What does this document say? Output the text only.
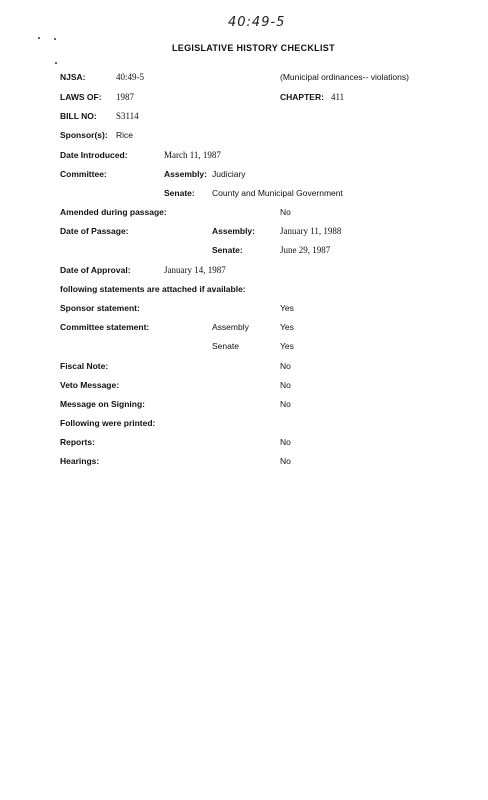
40:49-5
LEGISLATIVE HISTORY CHECKLIST
NJSA:	40:49-5	(Municipal ordinances-- violations)
LAWS OF: 1987	CHAPTER: 411
BILL NO: S3114
Sponsor(s): Rice
Date Introduced:	March 11, 1987
Committee:	Assembly: Judiciary
Senate: County and Municipal Government
Amended during passage:	No
Date of Passage:	Assembly:	January 11, 1988
Senate:	June 29, 1987
Date of Approval:	January 14, 1987
following statements are attached if available:
Sponsor statement:	Yes
Committee statement:	Assembly	Yes
Senate	Yes
Fiscal Note:	No
Veto Message:	No
Message on Signing:	No
Following were printed:
Reports:	No
Hearings:	No
